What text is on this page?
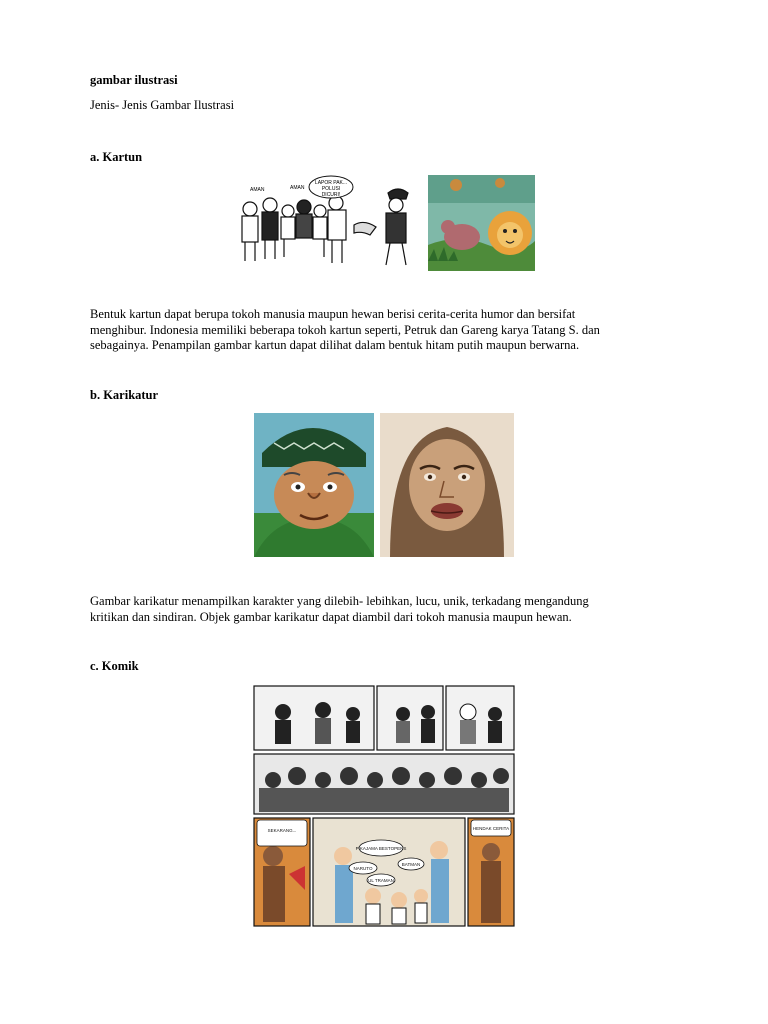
gambar ilustrasi
Jenis- Jenis Gambar Ilustrasi
a. Kartun
LAPOR PAK...
POLUSI
DICURI!
AMAN	AMAN
Bentuk kartun dapat berupa tokoh manusia maupun hewan berisi cerita-cerita humor dan bersifat
menghibur. Indonesia memiliki beberapa tokoh kartun seperti, Petruk dan Gareng karya Tatang S. dan
sebagainya. Penampilan gambar kartun dapat dilihat dalam bentuk hitam putih maupun berwarna.
b. Karikatur
Gambar karikatur menampilkan karakter yang dilebih- lebihkan, lucu, unik, terkadang mengandung
kritikan dan sindiran. Objek gambar karikatur dapat diambil dari tokoh manusia maupun hewan.
c. Komik
SEKARANG...
NARUTO
BATMAN
UL TRAMAN
PIKAJAMA BESTOPENS
HENDAK CERITA
